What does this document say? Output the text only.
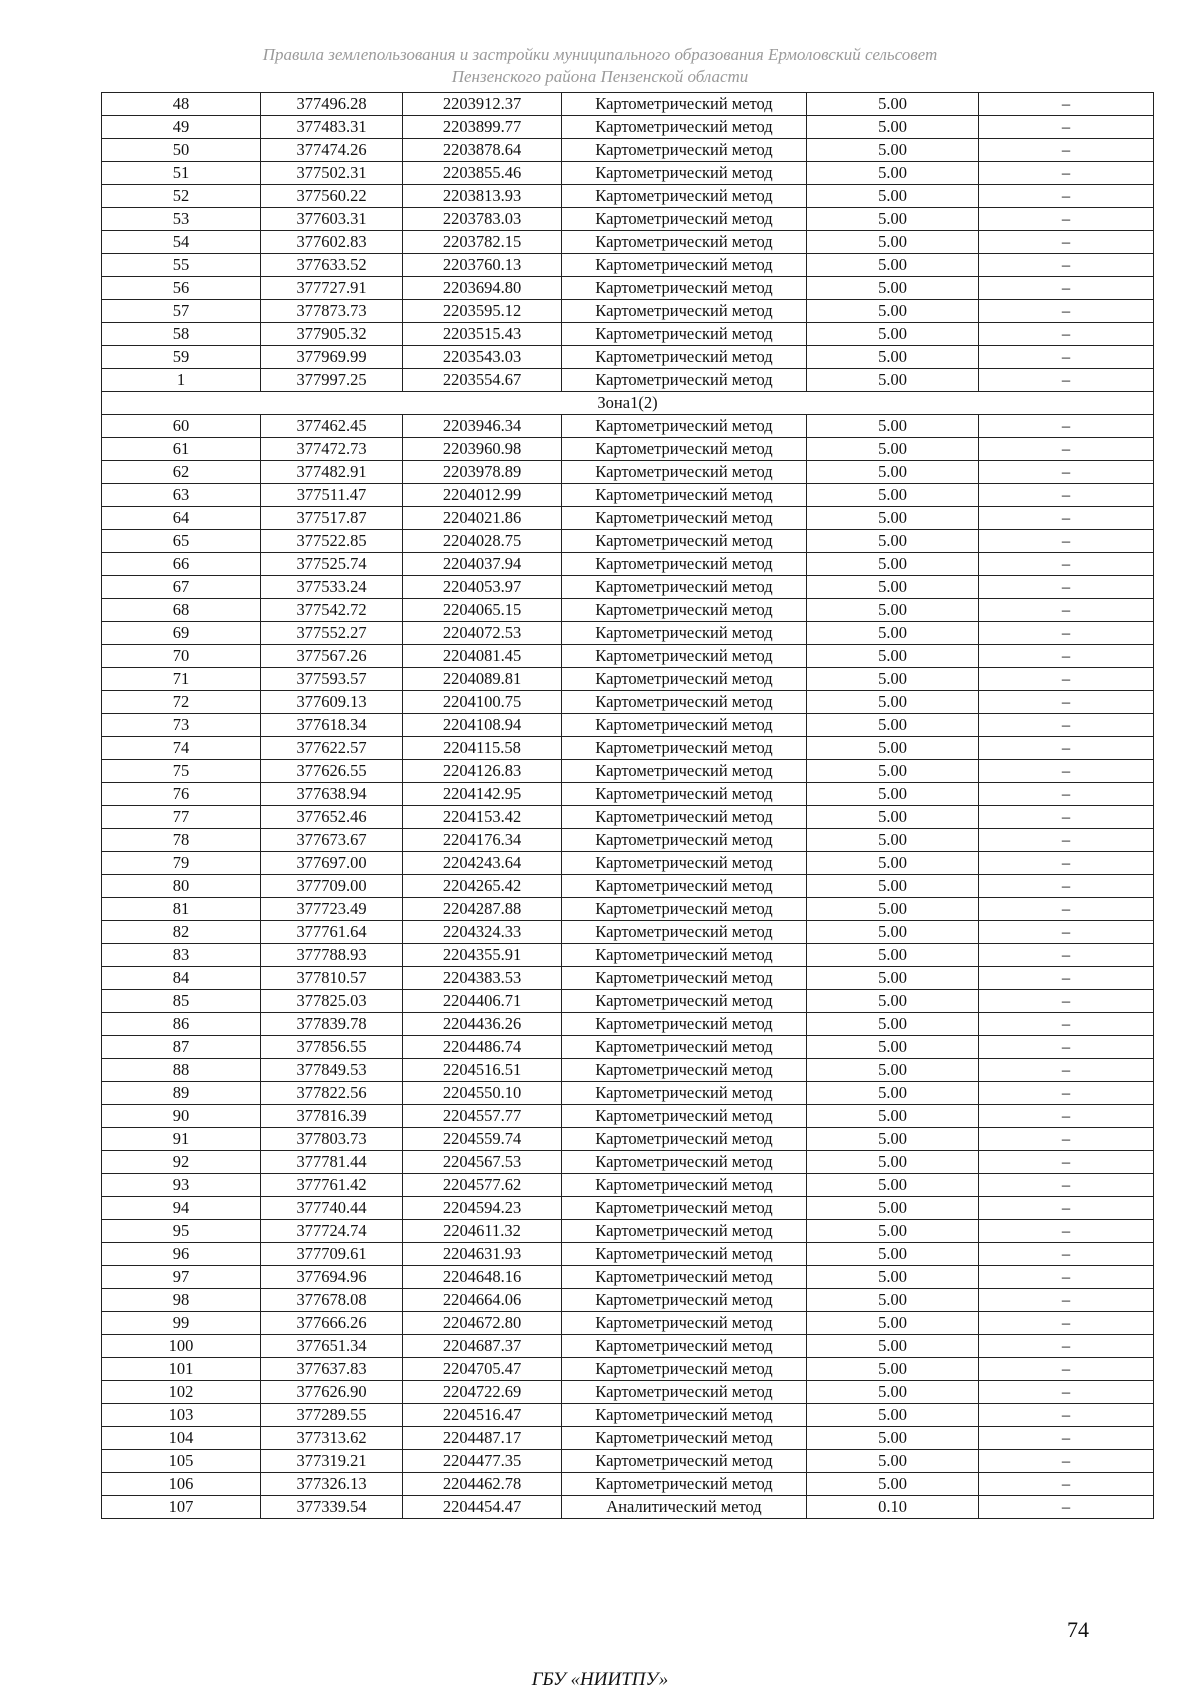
Правила землепользования и застройки муниципального образования Ермоловский сельсовет
Пензенского района Пензенской области
48	377496.28	2203912.37	Картометрический метод	5.00	–
49	377483.31	2203899.77	Картометрический метод	5.00	–
50	377474.26	2203878.64	Картометрический метод	5.00	–
51	377502.31	2203855.46	Картометрический метод	5.00	–
52	377560.22	2203813.93	Картометрический метод	5.00	–
53	377603.31	2203783.03	Картометрический метод	5.00	–
54	377602.83	2203782.15	Картометрический метод	5.00	–
55	377633.52	2203760.13	Картометрический метод	5.00	–
56	377727.91	2203694.80	Картометрический метод	5.00	–
57	377873.73	2203595.12	Картометрический метод	5.00	–
58	377905.32	2203515.43	Картометрический метод	5.00	–
59	377969.99	2203543.03	Картометрический метод	5.00	–
1	377997.25	2203554.67	Картометрический метод	5.00	–
Зона1(2)					
60	377462.45	2203946.34	Картометрический метод	5.00	–
61	377472.73	2203960.98	Картометрический метод	5.00	–
62	377482.91	2203978.89	Картометрический метод	5.00	–
63	377511.47	2204012.99	Картометрический метод	5.00	–
64	377517.87	2204021.86	Картометрический метод	5.00	–
65	377522.85	2204028.75	Картометрический метод	5.00	–
66	377525.74	2204037.94	Картометрический метод	5.00	–
67	377533.24	2204053.97	Картометрический метод	5.00	–
68	377542.72	2204065.15	Картометрический метод	5.00	–
69	377552.27	2204072.53	Картометрический метод	5.00	–
70	377567.26	2204081.45	Картометрический метод	5.00	–
71	377593.57	2204089.81	Картометрический метод	5.00	–
72	377609.13	2204100.75	Картометрический метод	5.00	–
73	377618.34	2204108.94	Картометрический метод	5.00	–
74	377622.57	2204115.58	Картометрический метод	5.00	–
75	377626.55	2204126.83	Картометрический метод	5.00	–
76	377638.94	2204142.95	Картометрический метод	5.00	–
77	377652.46	2204153.42	Картометрический метод	5.00	–
78	377673.67	2204176.34	Картометрический метод	5.00	–
79	377697.00	2204243.64	Картометрический метод	5.00	–
80	377709.00	2204265.42	Картометрический метод	5.00	–
81	377723.49	2204287.88	Картометрический метод	5.00	–
82	377761.64	2204324.33	Картометрический метод	5.00	–
83	377788.93	2204355.91	Картометрический метод	5.00	–
84	377810.57	2204383.53	Картометрический метод	5.00	–
85	377825.03	2204406.71	Картометрический метод	5.00	–
86	377839.78	2204436.26	Картометрический метод	5.00	–
87	377856.55	2204486.74	Картометрический метод	5.00	–
88	377849.53	2204516.51	Картометрический метод	5.00	–
89	377822.56	2204550.10	Картометрический метод	5.00	–
90	377816.39	2204557.77	Картометрический метод	5.00	–
91	377803.73	2204559.74	Картометрический метод	5.00	–
92	377781.44	2204567.53	Картометрический метод	5.00	–
93	377761.42	2204577.62	Картометрический метод	5.00	–
94	377740.44	2204594.23	Картометрический метод	5.00	–
95	377724.74	2204611.32	Картометрический метод	5.00	–
96	377709.61	2204631.93	Картометрический метод	5.00	–
97	377694.96	2204648.16	Картометрический метод	5.00	–
98	377678.08	2204664.06	Картометрический метод	5.00	–
99	377666.26	2204672.80	Картометрический метод	5.00	–
100	377651.34	2204687.37	Картометрический метод	5.00	–
101	377637.83	2204705.47	Картометрический метод	5.00	–
102	377626.90	2204722.69	Картометрический метод	5.00	–
103	377289.55	2204516.47	Картометрический метод	5.00	–
104	377313.62	2204487.17	Картометрический метод	5.00	–
105	377319.21	2204477.35	Картометрический метод	5.00	–
106	377326.13	2204462.78	Картометрический метод	5.00	–
107	377339.54	2204454.47	Аналитический метод	0.10	–
74
ГБУ «НИИТПУ»
